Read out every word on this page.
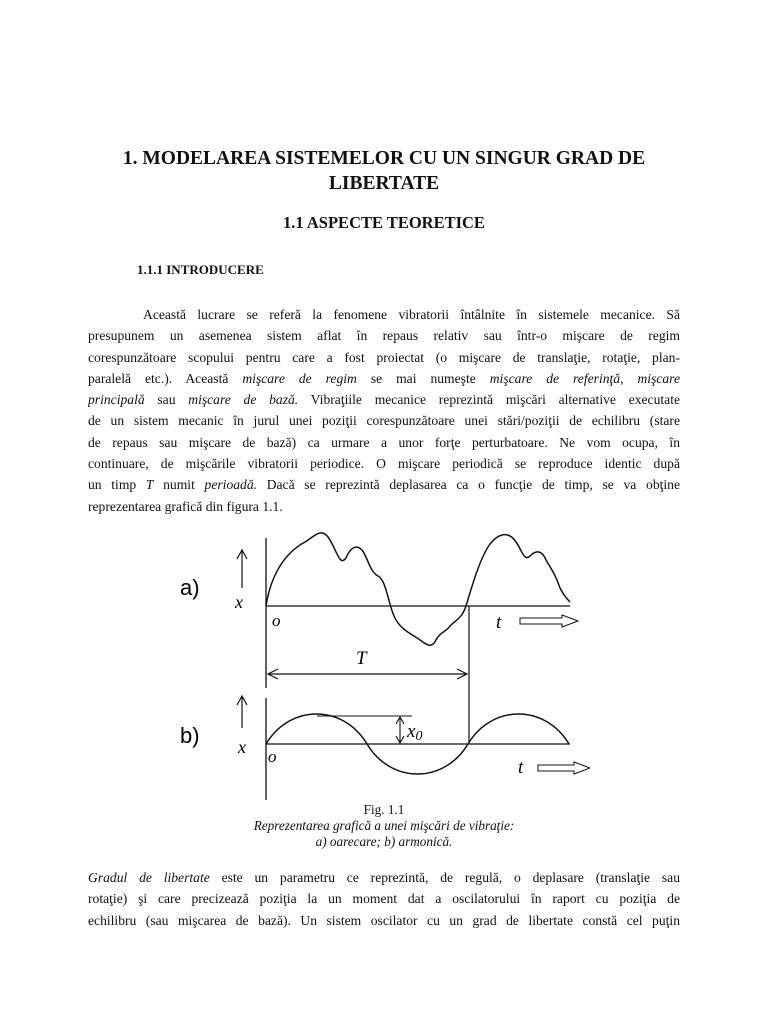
1. MODELAREA SISTEMELOR CU UN SINGUR GRAD DE
LIBERTATE
1.1 ASPECTE TEORETICE
1.1.1 INTRODUCERE
Această lucrare se referă la fenomene vibratorii întâlnite în sistemele mecanice. Să
presupunem un asemenea sistem aflat în repaus relativ sau într-o mişcare de regim
corespunzătoare scopului pentru care a fost proiectat (o mişcare de translaţie, rotaţie, plan-
paralelă etc.). Această mişcare de regim se mai numeşte mişcare de referinţă, mişcare
principală sau mişcare de bază. Vibraţiile mecanice reprezintă mişcări alternative executate
de un sistem mecanic în jurul unei poziţii corespunzătoare unei stări/poziţii de echilibru (stare
de repaus sau mişcare de bază) ca urmare a unor forţe perturbatoare. Ne vom ocupa, în
continuare, de mişcările vibratorii periodice. O mişcare periodică se reproduce identic după
un timp T numit perioadă. Dacă se reprezintă deplasarea ca o funcţie de timp, se va obţine
reprezentarea grafică din figura 1.1.
a)
x
o	t
T
b) x o
t
x0
Fig. 1.1
Reprezentarea grafică a unei mişcări de vibraţie:
a) oarecare; b) armonică.
Gradul de libertate este un parametru ce reprezintă, de regulă, o deplasare (translaţie sau
rotaţie) şi care precizează poziţia la un moment dat a oscilatorului în raport cu poziţia de
echilibru (sau mişcarea de bază). Un sistem oscilator cu un grad de libertate constă cel puţin
